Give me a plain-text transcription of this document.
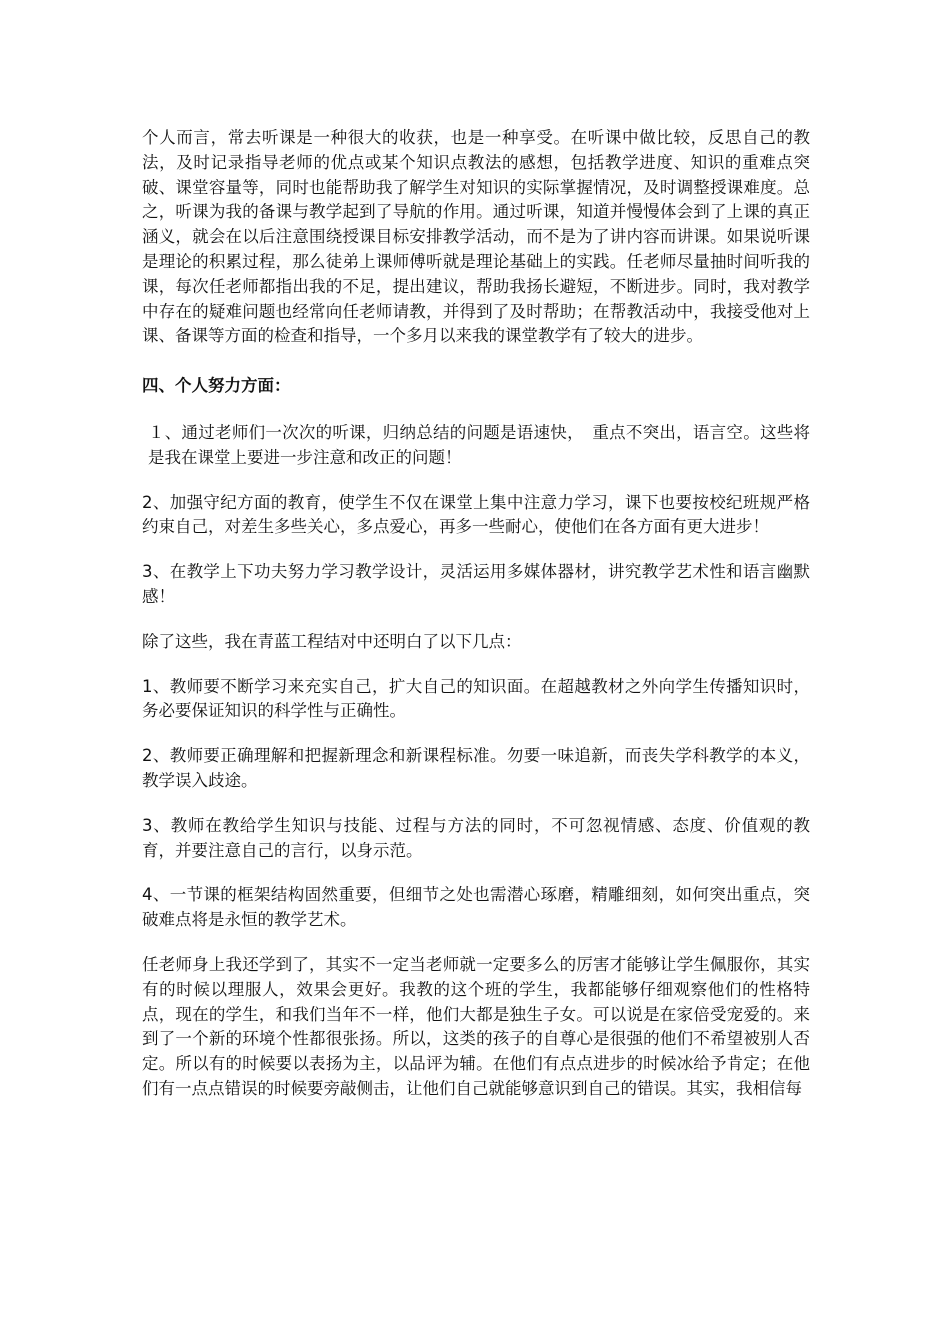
个人而言，常去听课是一种很大的收获，也是一种享受。在听课中做比较，反思自己的教法，及时记录指导老师的优点或某个知识点教法的感想，包括教学进度、知识的重难点突破、课堂容量等，同时也能帮助我了解学生对知识的实际掌握情况，及时调整授课难度。总之，听课为我的备课与教学起到了导航的作用。通过听课，知道并慢慢体会到了上课的真正涵义，就会在以后注意围绕授课目标安排教学活动，而不是为了讲内容而讲课。如果说听课是理论的积累过程，那么徒弟上课师傅听就是理论基础上的实践。任老师尽量抽时间听我的课，每次任老师都指出我的不足，提出建议，帮助我扬长避短，不断进步。同时，我对教学中存在的疑难问题也经常向任老师请教，并得到了及时帮助；在帮教活动中，我接受他对上课、备课等方面的检查和指导，一个多月以来我的课堂教学有了较大的进步。

四、个人努力方面：

１、通过老师们一次次的听课，归纳总结的问题是语速快，　重点不突出，语言空。这些将是我在课堂上要进一步注意和改正的问题！

2、加强守纪方面的教育，使学生不仅在课堂上集中注意力学习，课下也要按校纪班规严格约束自己，对差生多些关心，多点爱心，再多一些耐心，使他们在各方面有更大进步！

3、在教学上下功夫努力学习教学设计，灵活运用多媒体器材，讲究教学艺术性和语言幽默感！

除了这些，我在青蓝工程结对中还明白了以下几点：

1、教师要不断学习来充实自己，扩大自己的知识面。在超越教材之外向学生传播知识时，务必要保证知识的科学性与正确性。

2、教师要正确理解和把握新理念和新课程标准。勿要一味追新，而丧失学科教学的本义，教学误入歧途。

3、教师在教给学生知识与技能、过程与方法的同时，不可忽视情感、态度、价值观的教育，并要注意自己的言行，以身示范。

4、一节课的框架结构固然重要，但细节之处也需潜心琢磨，精雕细刻，如何突出重点，突破难点将是永恒的教学艺术。

任老师身上我还学到了，其实不一定当老师就一定要多么的厉害才能够让学生佩服你，其实有的时候以理服人，效果会更好。我教的这个班的学生，我都能够仔细观察他们的性格特点，现在的学生，和我们当年不一样，他们大都是独生子女。可以说是在家倍受宠爱的。来到了一个新的环境个性都很张扬。所以，这类的孩子的自尊心是很强的他们不希望被别人否定。所以有的时候要以表扬为主，以品评为辅。在他们有点点进步的时候冰给予肯定；在他们有一点点错误的时候要旁敲侧击，让他们自己就能够意识到自己的错误。其实，我相信每
